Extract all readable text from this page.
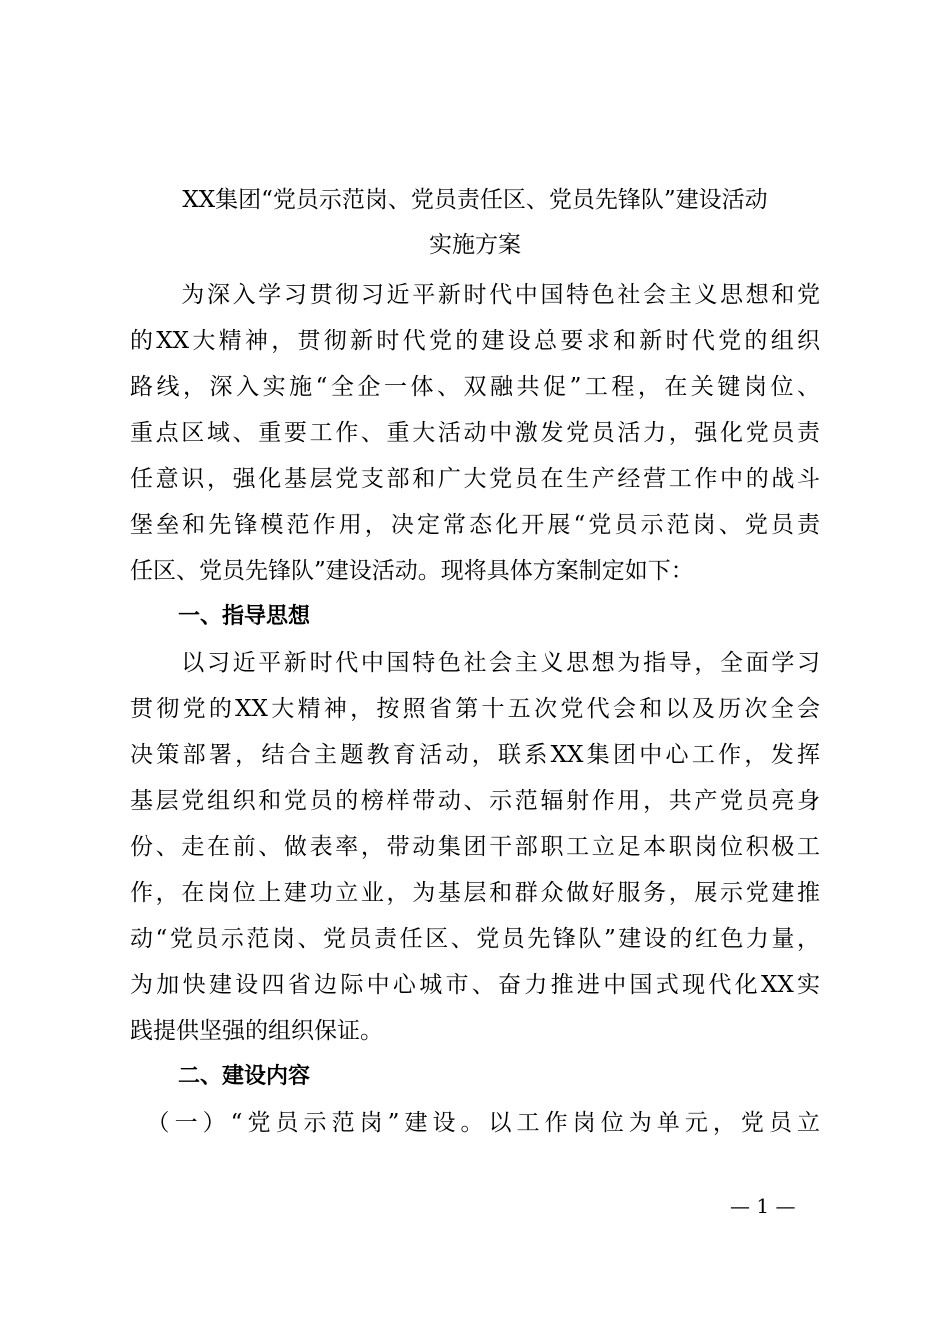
XX集团“党员示范岗、党员责任区、党员先锋队”建设活动
实施方案
　　为深入学习贯彻习近平新时代中国特色社会主义思想和党
的XX大精神，贯彻新时代党的建设总要求和新时代党的组织
路线，深入实施“全企一体、双融共促”工程，在关键岗位、
重点区域、重要工作、重大活动中激发党员活力，强化党员责
任意识，强化基层党支部和广大党员在生产经营工作中的战斗
堡垒和先锋模范作用，决定常态化开展“党员示范岗、党员责
任区、党员先锋队”建设活动。现将具体方案制定如下：
一、指导思想
　　以习近平新时代中国特色社会主义思想为指导，全面学习
贯彻党的XX大精神，按照省第十五次党代会和以及历次全会
决策部署，结合主题教育活动，联系XX集团中心工作，发挥
基层党组织和党员的榜样带动、示范辐射作用，共产党员亮身
份、走在前、做表率，带动集团干部职工立足本职岗位积极工
作，在岗位上建功立业，为基层和群众做好服务，展示党建推
动“党员示范岗、党员责任区、党员先锋队”建设的红色力量，
为加快建设四省边际中心城市、奋力推进中国式现代化XX实
践提供坚强的组织保证。
二、建设内容
　（一）“党员示范岗”建设。以工作岗位为单元，党员立
— 1 —
